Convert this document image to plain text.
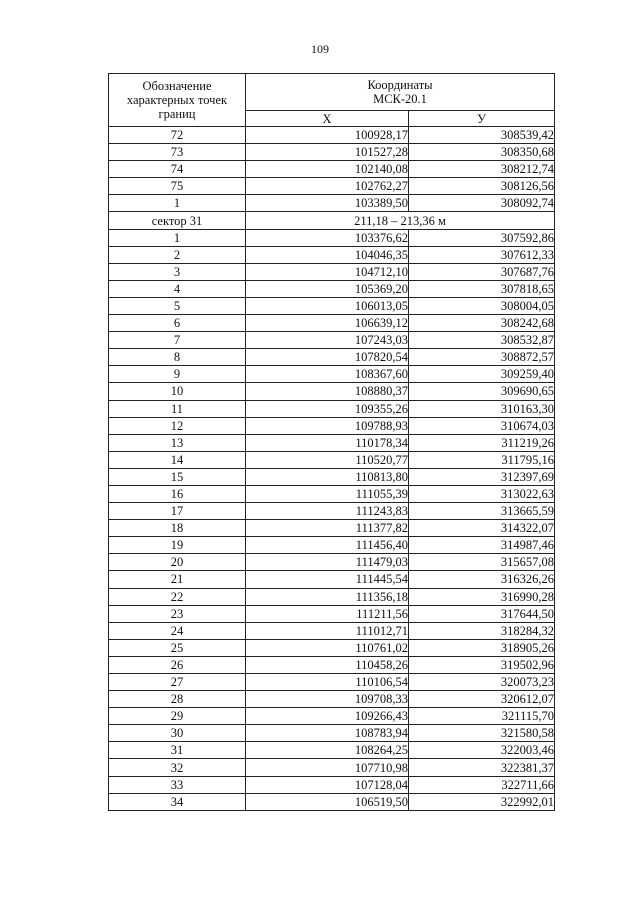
109
Обозначение характерных точек границ	Координаты
МСК-20.1	

	Х	У
72	100928,17	308539,42
73	101527,28	308350,68
74	102140,08	308212,74
75	102762,27	308126,56
1	103389,50	308092,74
сектор 31	211,18 – 213,36 м	
1	103376,62	307592,86
2	104046,35	307612,33
3	104712,10	307687,76
4	105369,20	307818,65
5	106013,05	308004,05
6	106639,12	308242,68
7	107243,03	308532,87
8	107820,54	308872,57
9	108367,60	309259,40
10	108880,37	309690,65
11	109355,26	310163,30
12	109788,93	310674,03
13	110178,34	311219,26
14	110520,77	311795,16
15	110813,80	312397,69
16	111055,39	313022,63
17	111243,83	313665,59
18	111377,82	314322,07
19	111456,40	314987,46
20	111479,03	315657,08
21	111445,54	316326,26
22	111356,18	316990,28
23	111211,56	317644,50
24	111012,71	318284,32
25	110761,02	318905,26
26	110458,26	319502,96
27	110106,54	320073,23
28	109708,33	320612,07
29	109266,43	321115,70
30	108783,94	321580,58
31	108264,25	322003,46
32	107710,98	322381,37
33	107128,04	322711,66
34	106519,50	322992,01
